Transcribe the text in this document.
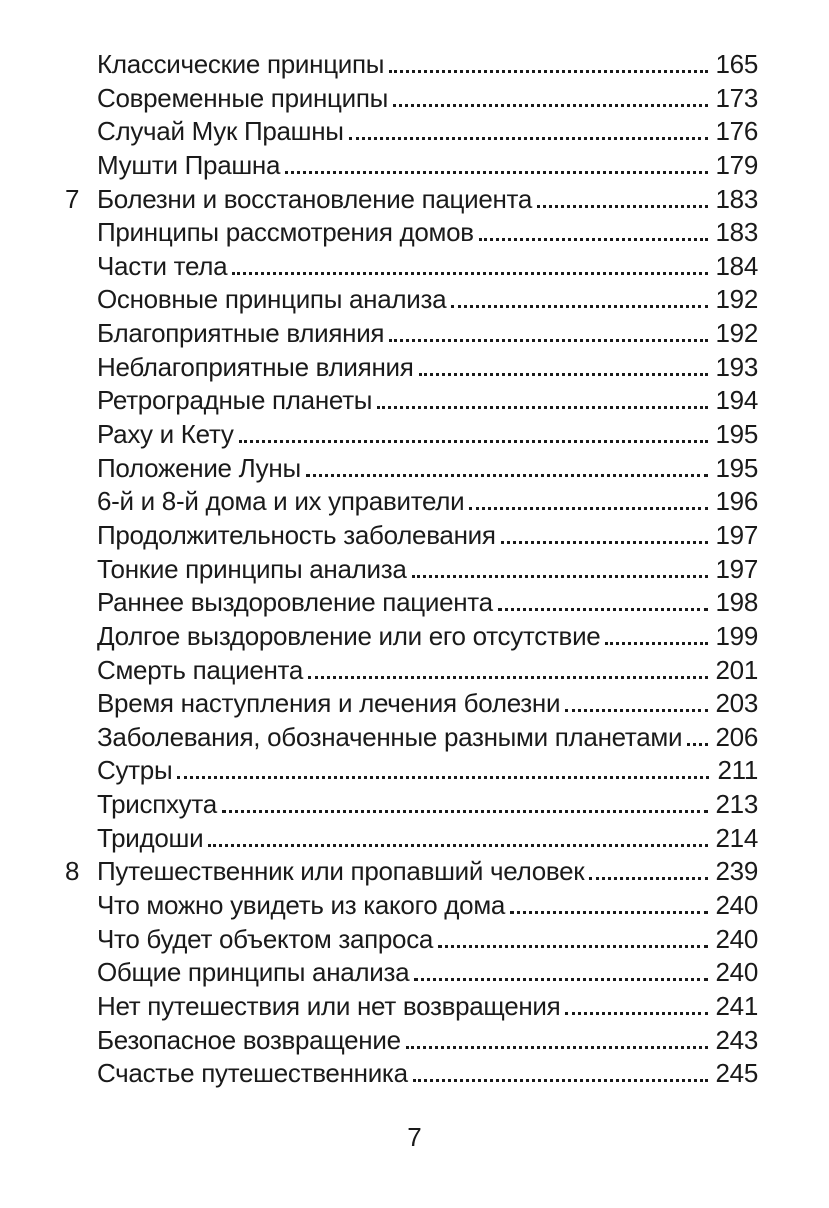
Классические принципы	165
Современные принципы	173
Случай Мук Прашны	176
Мушти Прашна	179
7 Болезни и восстановление пациента	183
Принципы рассмотрения домов	183
Части тела	184
Основные принципы анализа	192
Благоприятные влияния	192
Неблагоприятные влияния	193
Ретроградные планеты	194
Раху и Кету	195
Положение Луны	195
6-й и 8-й дома и их управители	196
Продолжительность заболевания	197
Тонкие принципы анализа	197
Раннее выздоровление пациента	198
Долгое выздоровление или его отсутствие	199
Смерть пациента	201
Время наступления и лечения болезни	203
Заболевания, обозначенные разными планетами 206
Сутры	211
Триспхута	213
Тридоши	214
8 Путешественник или пропавший человек	239
Что можно увидеть из какого дома	240
Что будет объектом запроса	240
Общие принципы анализа	240
Нет путешествия или нет возвращения	241
Безопасное возвращение	243
Счастье путешественника	245
7
